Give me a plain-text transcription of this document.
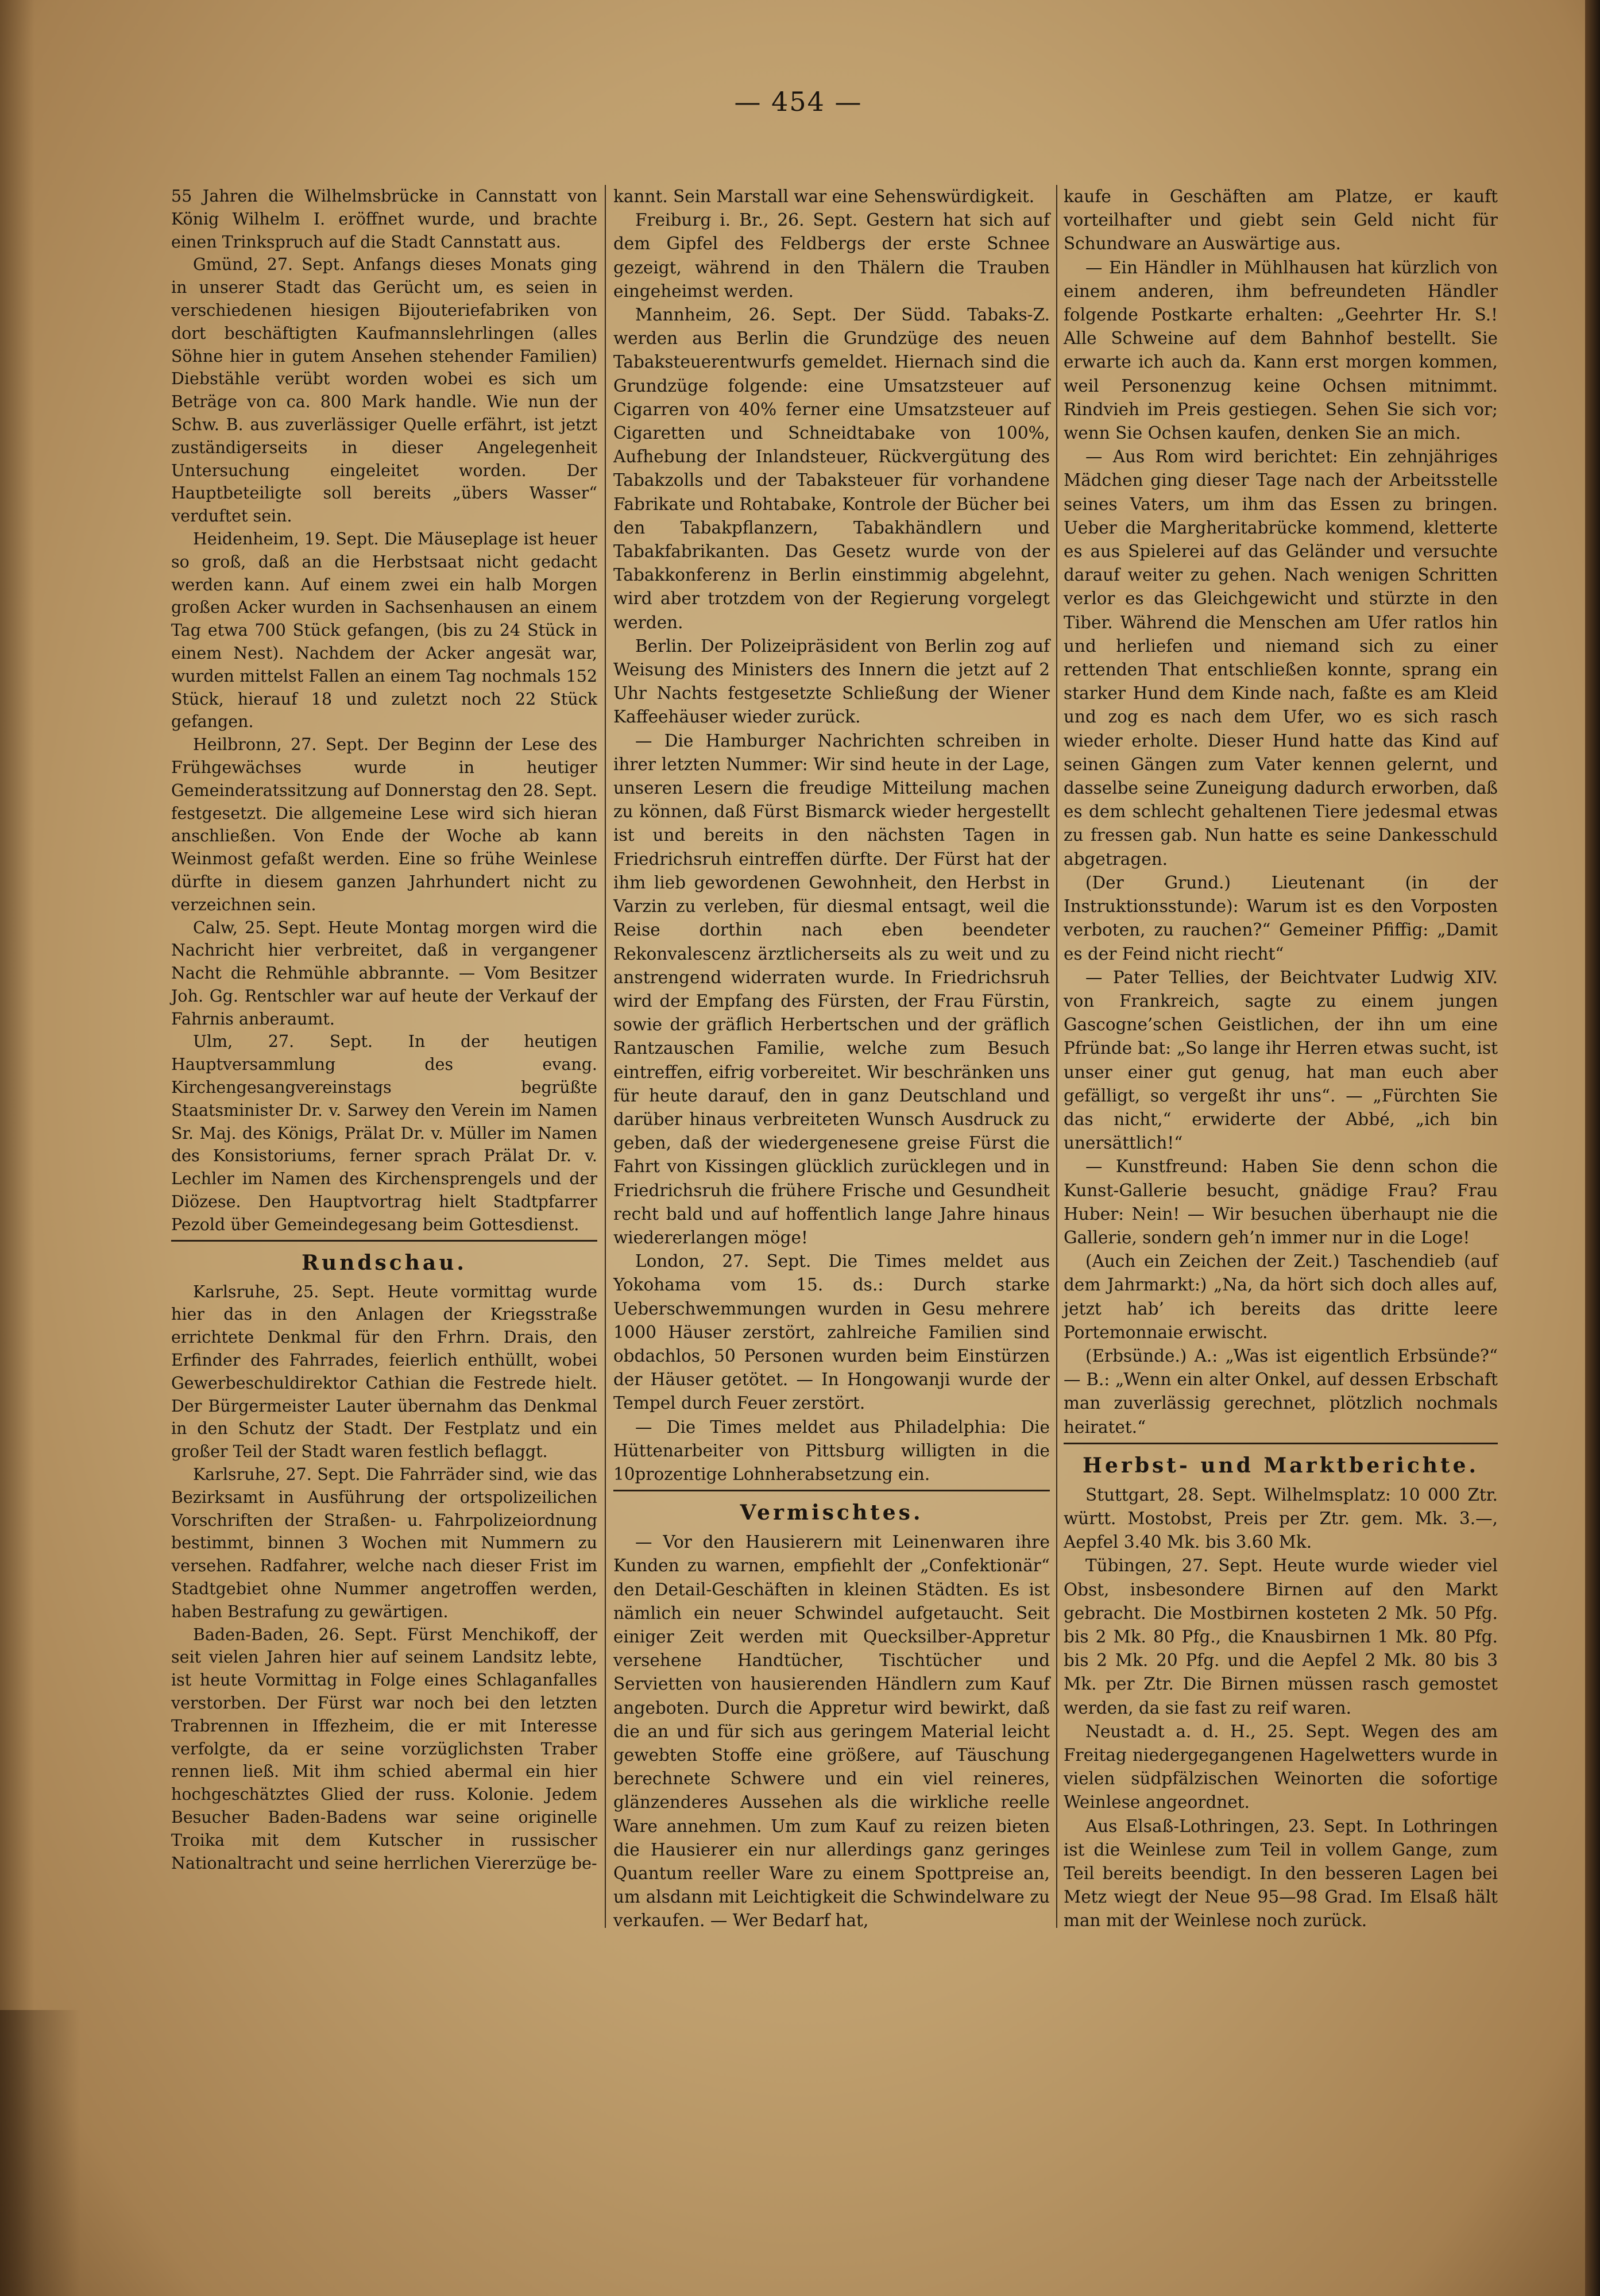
— 454 —

55 Jahren die Wilhelmsbrücke in Cannstatt von König Wilhelm I. eröffnet wurde, und brachte einen Trinkspruch auf die Stadt Cannstatt aus.

Gmünd, 27. Sept. Anfangs dieses Monats ging in unserer Stadt das Gerücht um, es seien in verschiedenen hiesigen Bijouteriefabriken von dort beschäftigten Kaufmannslehrlingen (alles Söhne hier in gutem Ansehen stehender Familien) Diebstähle verübt worden wobei es sich um Beträge von ca. 800 Mark handle. Wie nun der Schw. B. aus zuverlässiger Quelle erfährt, ist jetzt zuständigerseits in dieser Angelegenheit Untersuchung eingeleitet worden. Der Hauptbeteiligte soll bereits „übers Wasser“ verduftet sein.

Heidenheim, 19. Sept. Die Mäuseplage ist heuer so groß, daß an die Herbstsaat nicht gedacht werden kann. Auf einem zwei ein halb Morgen großen Acker wurden in Sachsenhausen an einem Tag etwa 700 Stück gefangen, (bis zu 24 Stück in einem Nest). Nachdem der Acker angesät war, wurden mittelst Fallen an einem Tag nochmals 152 Stück, hierauf 18 und zuletzt noch 22 Stück gefangen.

Heilbronn, 27. Sept. Der Beginn der Lese des Frühgewächses wurde in heutiger Gemeinderatssitzung auf Donnerstag den 28. Sept. festgesetzt. Die allgemeine Lese wird sich hieran anschließen. Von Ende der Woche ab kann Weinmost gefaßt werden. Eine so frühe Weinlese dürfte in diesem ganzen Jahrhundert nicht zu verzeichnen sein.

Calw, 25. Sept. Heute Montag morgen wird die Nachricht hier verbreitet, daß in vergangener Nacht die Rehmühle abbrannte. — Vom Besitzer Joh. Gg. Rentschler war auf heute der Verkauf der Fahrnis anberaumt.

Ulm, 27. Sept. In der heutigen Hauptversammlung des evang. Kirchengesangvereinstags begrüßte Staatsminister Dr. v. Sarwey den Verein im Namen Sr. Maj. des Königs, Prälat Dr. v. Müller im Namen des Konsistoriums, ferner sprach Prälat Dr. v. Lechler im Namen des Kirchensprengels und der Diözese. Den Hauptvortrag hielt Stadtpfarrer Pezold über Gemeindegesang beim Gottesdienst.

Rundschau.

Karlsruhe, 25. Sept. Heute vormittag wurde hier das in den Anlagen der Kriegsstraße errichtete Denkmal für den Frhrn. Drais, den Erfinder des Fahrrades, feierlich enthüllt, wobei Gewerbeschuldirektor Cathian die Festrede hielt. Der Bürgermeister Lauter übernahm das Denkmal in den Schutz der Stadt. Der Festplatz und ein großer Teil der Stadt waren festlich beflaggt.

Karlsruhe, 27. Sept. Die Fahrräder sind, wie das Bezirksamt in Ausführung der ortspolizeilichen Vorschriften der Straßen- u. Fahrpolizeiordnung bestimmt, binnen 3 Wochen mit Nummern zu versehen. Radfahrer, welche nach dieser Frist im Stadtgebiet ohne Nummer angetroffen werden, haben Bestrafung zu gewärtigen.

Baden-Baden, 26. Sept. Fürst Menchikoff, der seit vielen Jahren hier auf seinem Landsitz lebte, ist heute Vormittag in Folge eines Schlaganfalles verstorben. Der Fürst war noch bei den letzten Trabrennen in Iffezheim, die er mit Interesse verfolgte, da er seine vorzüglichsten Traber rennen ließ. Mit ihm schied abermal ein hier hochgeschätztes Glied der russ. Kolonie. Jedem Besucher Baden-Badens war seine originelle Troika mit dem Kutscher in russischer Nationaltracht und seine herrlichen Viererzüge be-

kannt. Sein Marstall war eine Sehenswürdigkeit.

Freiburg i. Br., 26. Sept. Gestern hat sich auf dem Gipfel des Feldbergs der erste Schnee gezeigt, während in den Thälern die Trauben eingeheimst werden.

Mannheim, 26. Sept. Der Südd. Tabaks-Z. werden aus Berlin die Grundzüge des neuen Tabaksteuerentwurfs gemeldet. Hiernach sind die Grundzüge folgende: eine Umsatzsteuer auf Cigarren von 40% ferner eine Umsatzsteuer auf Cigaretten und Schneidtabake von 100%, Aufhebung der Inlandsteuer, Rückvergütung des Tabakzolls und der Tabaksteuer für vorhandene Fabrikate und Rohtabake, Kontrole der Bücher bei den Tabakpflanzern, Tabakhändlern und Tabakfabrikanten. Das Gesetz wurde von der Tabakkonferenz in Berlin einstimmig abgelehnt, wird aber trotzdem von der Regierung vorgelegt werden.

Berlin. Der Polizeipräsident von Berlin zog auf Weisung des Ministers des Innern die jetzt auf 2 Uhr Nachts festgesetzte Schließung der Wiener Kaffeehäuser wieder zurück.

— Die Hamburger Nachrichten schreiben in ihrer letzten Nummer: Wir sind heute in der Lage, unseren Lesern die freudige Mitteilung machen zu können, daß Fürst Bismarck wieder hergestellt ist und bereits in den nächsten Tagen in Friedrichsruh eintreffen dürfte. Der Fürst hat der ihm lieb gewordenen Gewohnheit, den Herbst in Varzin zu verleben, für diesmal entsagt, weil die Reise dorthin nach eben beendeter Rekonvalescenz ärztlicherseits als zu weit und zu anstrengend widerraten wurde. In Friedrichsruh wird der Empfang des Fürsten, der Frau Fürstin, sowie der gräflich Herbertschen und der gräflich Rantzauschen Familie, welche zum Besuch eintreffen, eifrig vorbereitet. Wir beschränken uns für heute darauf, den in ganz Deutschland und darüber hinaus verbreiteten Wunsch Ausdruck zu geben, daß der wiedergenesene greise Fürst die Fahrt von Kissingen glücklich zurücklegen und in Friedrichsruh die frühere Frische und Gesundheit recht bald und auf hoffentlich lange Jahre hinaus wiedererlangen möge!

London, 27. Sept. Die Times meldet aus Yokohama vom 15. ds.: Durch starke Ueberschwemmungen wurden in Gesu mehrere 1000 Häuser zerstört, zahlreiche Familien sind obdachlos, 50 Personen wurden beim Einstürzen der Häuser getötet. — In Hongowanji wurde der Tempel durch Feuer zerstört.

— Die Times meldet aus Philadelphia: Die Hüttenarbeiter von Pittsburg willigten in die 10prozentige Lohnherabsetzung ein.

Vermischtes.

— Vor den Hausierern mit Leinenwaren ihre Kunden zu warnen, empfiehlt der „Confektionär“ den Detail-Geschäften in kleinen Städten. Es ist nämlich ein neuer Schwindel aufgetaucht. Seit einiger Zeit werden mit Quecksilber-Appretur versehene Handtücher, Tischtücher und Servietten von hausierenden Händlern zum Kauf angeboten. Durch die Appretur wird bewirkt, daß die an und für sich aus geringem Material leicht gewebten Stoffe eine größere, auf Täuschung berechnete Schwere und ein viel reineres, glänzenderes Aussehen als die wirkliche reelle Ware annehmen. Um zum Kauf zu reizen bieten die Hausierer ein nur allerdings ganz geringes Quantum reeller Ware zu einem Spottpreise an, um alsdann mit Leichtigkeit die Schwindelware zu verkaufen. — Wer Bedarf hat,

kaufe in Geschäften am Platze, er kauft vorteilhafter und giebt sein Geld nicht für Schundware an Auswärtige aus.

— Ein Händler in Mühlhausen hat kürzlich von einem anderen, ihm befreundeten Händler folgende Postkarte erhalten: „Geehrter Hr. S.! Alle Schweine auf dem Bahnhof bestellt. Sie erwarte ich auch da. Kann erst morgen kommen, weil Personenzug keine Ochsen mitnimmt. Rindvieh im Preis gestiegen. Sehen Sie sich vor; wenn Sie Ochsen kaufen, denken Sie an mich.

— Aus Rom wird berichtet: Ein zehnjähriges Mädchen ging dieser Tage nach der Arbeitsstelle seines Vaters, um ihm das Essen zu bringen. Ueber die Margheritabrücke kommend, kletterte es aus Spielerei auf das Geländer und versuchte darauf weiter zu gehen. Nach wenigen Schritten verlor es das Gleichgewicht und stürzte in den Tiber. Während die Menschen am Ufer ratlos hin und herliefen und niemand sich zu einer rettenden That entschließen konnte, sprang ein starker Hund dem Kinde nach, faßte es am Kleid und zog es nach dem Ufer, wo es sich rasch wieder erholte. Dieser Hund hatte das Kind auf seinen Gängen zum Vater kennen gelernt, und dasselbe seine Zuneigung dadurch erworben, daß es dem schlecht gehaltenen Tiere jedesmal etwas zu fressen gab. Nun hatte es seine Dankesschuld abgetragen.

(Der Grund.) Lieutenant (in der Instruktionsstunde): Warum ist es den Vorposten verboten, zu rauchen?“ Gemeiner Pfiffig: „Damit es der Feind nicht riecht“

— Pater Tellies, der Beichtvater Ludwig XIV. von Frankreich, sagte zu einem jungen Gascogne’schen Geistlichen, der ihn um eine Pfründe bat: „So lange ihr Herren etwas sucht, ist unser einer gut genug, hat man euch aber gefälligt, so vergeßt ihr uns“. — „Fürchten Sie das nicht,“ erwiderte der Abbé, „ich bin unersättlich!“

— Kunstfreund: Haben Sie denn schon die Kunst-Gallerie besucht, gnädige Frau? Frau Huber: Nein! — Wir besuchen überhaupt nie die Gallerie, sondern geh’n immer nur in die Loge!

(Auch ein Zeichen der Zeit.) Taschendieb (auf dem Jahrmarkt:) „Na, da hört sich doch alles auf, jetzt hab’ ich bereits das dritte leere Portemonnaie erwischt.

(Erbsünde.) A.: „Was ist eigentlich Erbsünde?“ — B.: „Wenn ein alter Onkel, auf dessen Erbschaft man zuverlässig gerechnet, plötzlich nochmals heiratet.“

Herbst- und Marktberichte.

Stuttgart, 28. Sept. Wilhelmsplatz: 10 000 Ztr. württ. Mostobst, Preis per Ztr. gem. Mk. 3.—, Aepfel 3.40 Mk. bis 3.60 Mk.

Tübingen, 27. Sept. Heute wurde wieder viel Obst, insbesondere Birnen auf den Markt gebracht. Die Mostbirnen kosteten 2 Mk. 50 Pfg. bis 2 Mk. 80 Pfg., die Knausbirnen 1 Mk. 80 Pfg. bis 2 Mk. 20 Pfg. und die Aepfel 2 Mk. 80 bis 3 Mk. per Ztr. Die Birnen müssen rasch gemostet werden, da sie fast zu reif waren.

Neustadt a. d. H., 25. Sept. Wegen des am Freitag niedergegangenen Hagelwetters wurde in vielen südpfälzischen Weinorten die sofortige Weinlese angeordnet.

Aus Elsaß-Lothringen, 23. Sept. In Lothringen ist die Weinlese zum Teil in vollem Gange, zum Teil bereits beendigt. In den besseren Lagen bei Metz wiegt der Neue 95—98 Grad. Im Elsaß hält man mit der Weinlese noch zurück.
